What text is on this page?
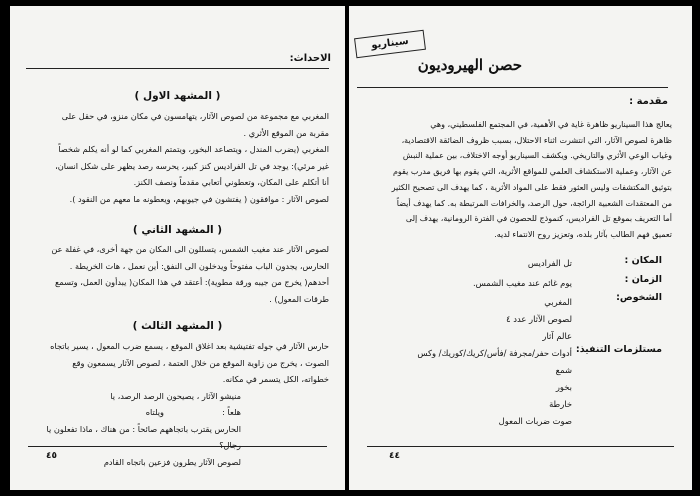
الاحداث:
( المشهد الاول )

المغربي مع مجموعة من لصوص الآثار، يتهامسون في مكان منزو، في حقل على

مقربة من الموقع الأثري .

المغربي (يضرب المندل ، ويتصاعد البخور، ويتمتم المغربي كما لو أنه يكلم شخصاً

غير مرئي): يوجد في تل الفراديس كنز كبير، يحرسه رصد يظهر على شكل انسان،

أنا أتكلم على المكان، وتعطوني أتعابي مقدماً ونصف الكنز.

لصوص الآثار : موافقون ( يفتشون في جيوبهم، ويعطونه ما معهم من النقود ).

( المشهد الثاني )

لصوص الآثار عند مغيب الشمس، يتسللون الى المكان من جهة أخرى، في غفلة عن

الحارس، يجدون الباب مفتوحاً ويدخلون الى النفق: أين نعمل ، هات الخريطة .

أحدهم( يخرج من جيبه ورقة مطوية): أعتقد في هذا المكان( يبدأون العمل، وتسمع

طرقات المعول) .

( المشهد الثالث )

حارس الآثار في جوله تفتيشية بعد اغلاق الموقع ، يسمع ضرب المعول ، يسير باتجاه

الصوت ، يخرج من زاوية الموقع من خلال العتمة ، لصوص الآثار يسمعون وقع

خطواته، الكل يتسمر في مكانه.

منيشو الآثار ، يصيحون هلعاً :
الرصد الرصد، يا ويلتاه

الحارس يقترب باتجاههم صائحاً : من هناك ، ماذا تفعلون يا رجال؟

لصوص الآثار يطرون فزعين باتجاه القادم

٤٥
حصن الهيروديون
سيناريو
مقدمة :

يعالج هذا السيناريو ظاهرة غاية في الأهمية، في المجتمع الفلسطيني، وهي

ظاهرة لصوص الآثار، التي انتشرت اثناء الاحتلال، بسبب ظروف الضائقة الاقتصادية،

وغياب الوعي الأثري والتاريخي. ويكشف السيناريو أوجه الاختلاف، بين عملية النبش

عن الآثار، وعملية الاستكشاف العلمي للمواقع الأثرية، التي يقوم بها فريق مدرب يقوم

بتوثيق المكتشفات وليس العثور فقط على المواد الأثرية ، كما يهدف الى تصحيح الكثير

من المعتقدات الشعبية الرائجة، حول الرصد، والخرافات المرتبطة به. كما يهدف أيضاً

أما التعريف بموقع تل الفراديس، كنموذج للحصون في الفترة الرومانية، يهدف إلى

تعميق فهم الطالب بآثار بلده، وتعزيز روح الانتماء لديه.

المكان :
تل الفراديس
الزمان :
يوم غائم عند مغيب الشمس.
الشخوص:
المغربي
لصوص الآثار عدد ٤
عالم آثار
مستلزمات التنفيذ:
أدوات حفر/مجرفة /فأس/كريك/كوريك/ وكس
شمع
بخور
خارطة
صوت ضربات المعول
٤٤
